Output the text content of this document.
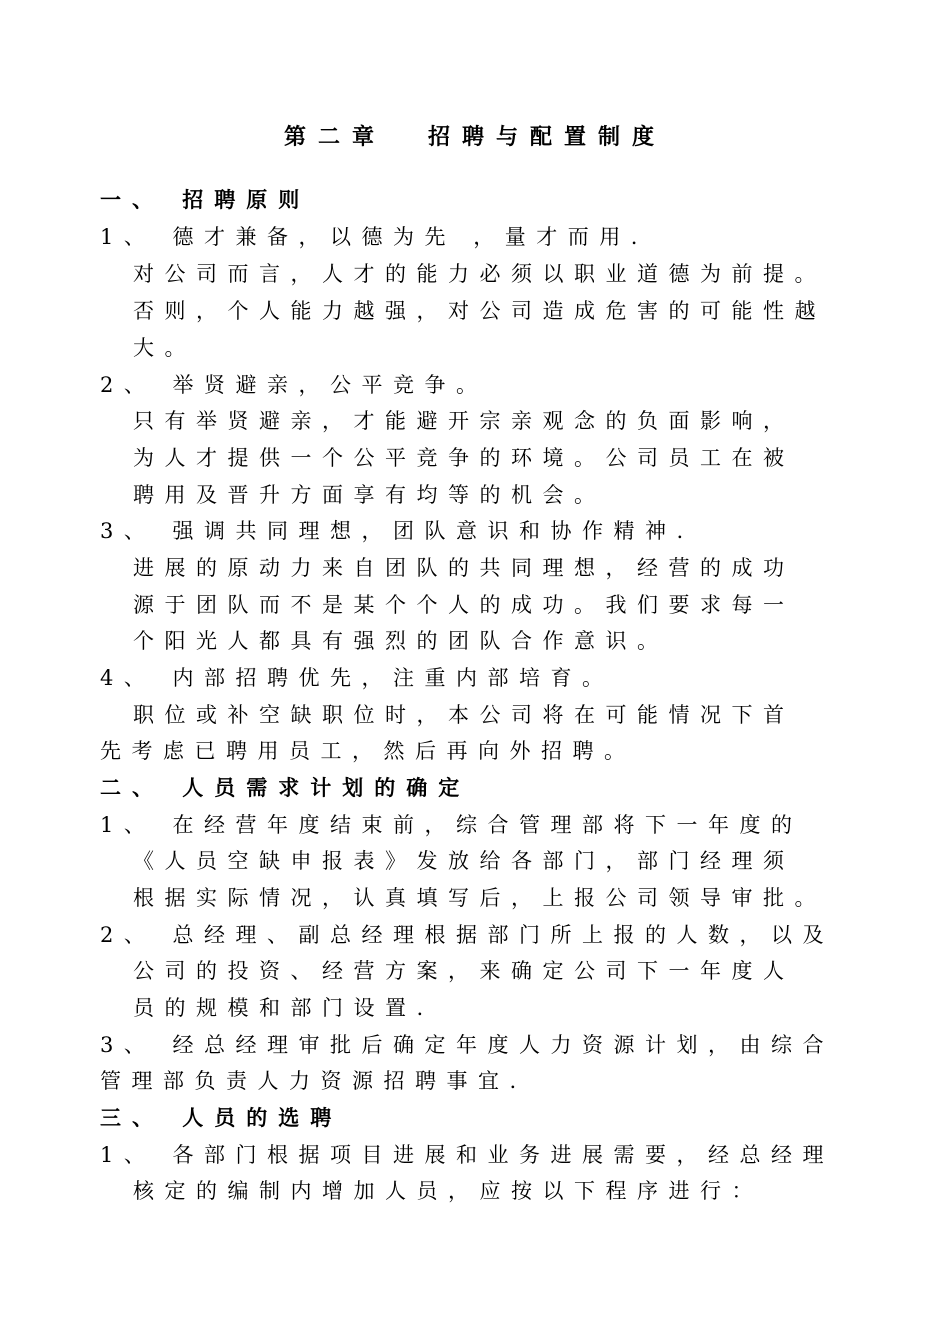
第二章 招聘与配置制度
一、 招聘原则
1、 德才兼备，以德为先 ，量才而用.
对公司而言，人才的能力必须以职业道德为前提。
否则，个人能力越强，对公司造成危害的可能性越
大。
2、 举贤避亲，公平竞争。
只有举贤避亲，才能避开宗亲观念的负面影响，
为人才提供一个公平竞争的环境。公司员工在被
聘用及晋升方面享有均等的机会。
3、 强调共同理想，团队意识和协作精神.
进展的原动力来自团队的共同理想，经营的成功
源于团队而不是某个个人的成功。我们要求每一
个阳光人都具有强烈的团队合作意识。
4、 内部招聘优先，注重内部培育。
职位或补空缺职位时，本公司将在可能情况下首
先考虑已聘用员工，然后再向外招聘。
二、 人员需求计划的确定
1、 在经营年度结束前，综合管理部将下一年度的
《人员空缺申报表》发放给各部门，部门经理须
根据实际情况，认真填写后，上报公司领导审批。
2、 总经理、副总经理根据部门所上报的人数，以及
公司的投资、经营方案，来确定公司下一年度人
员的规模和部门设置.
3、 经总经理审批后确定年度人力资源计划，由综合
管理部负责人力资源招聘事宜.
三、 人员的选聘
1、 各部门根据项目进展和业务进展需要，经总经理
核定的编制内增加人员，应按以下程序进行：
